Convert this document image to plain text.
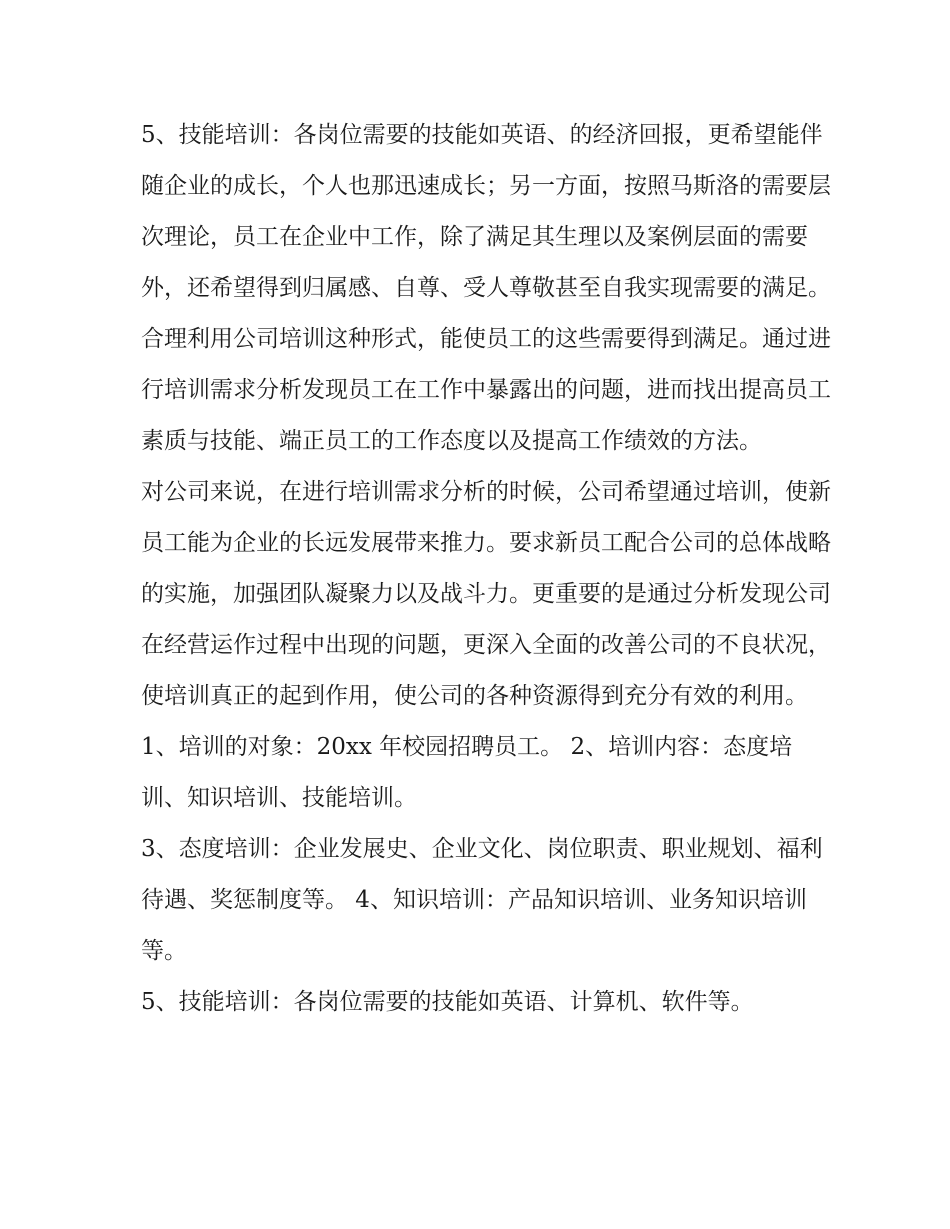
5、技能培训：各岗位需要的技能如英语、的经济回报，更希望能伴随企业的成长，个人也那迅速成长；另一方面，按照马斯洛的需要层次理论，员工在企业中工作，除了满足其生理以及案例层面的需要外，还希望得到归属感、自尊、受人尊敬甚至自我实现需要的满足。合理利用公司培训这种形式，能使员工的这些需要得到满足。通过进行培训需求分析发现员工在工作中暴露出的问题，进而找出提高员工素质与技能、端正员工的工作态度以及提高工作绩效的方法。

对公司来说，在进行培训需求分析的时候，公司希望通过培训，使新员工能为企业的长远发展带来推力。要求新员工配合公司的总体战略的实施，加强团队凝聚力以及战斗力。更重要的是通过分析发现公司在经营运作过程中出现的问题，更深入全面的改善公司的不良状况，使培训真正的起到作用，使公司的各种资源得到充分有效的利用。

1、培训的对象：20xx 年校园招聘员工。 2、培训内容：态度培训、知识培训、技能培训。

3、态度培训：企业发展史、企业文化、岗位职责、职业规划、福利待遇、奖惩制度等。 4、知识培训：产品知识培训、业务知识培训等。

5、技能培训：各岗位需要的技能如英语、计算机、软件等。
